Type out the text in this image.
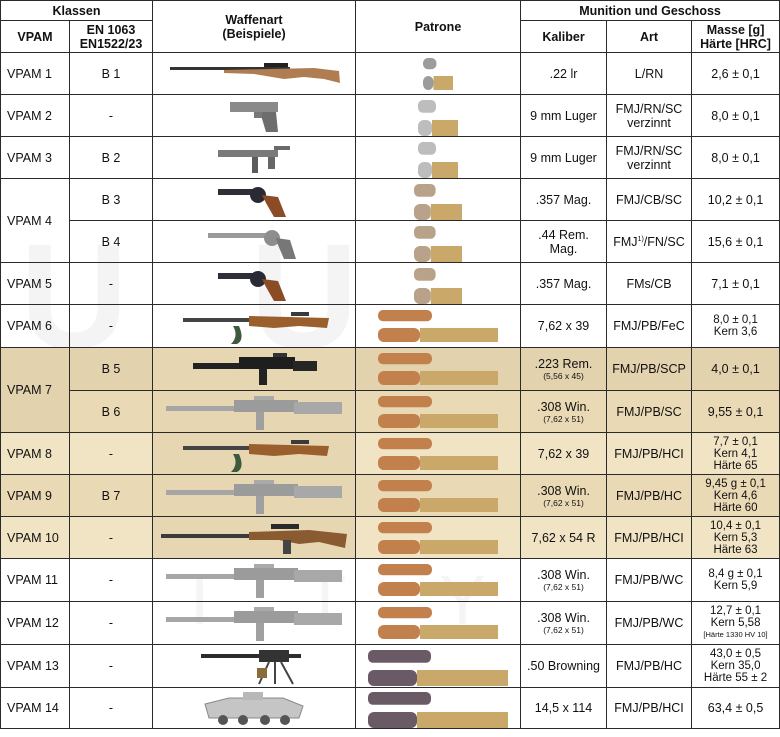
Klassen		Waffenart
(Beispiele)	Patrone	Munition und Geschoss		
VPAM	EN 1063
EN1522/23			Kaliber	Art	Masse [g]
Härte [HRC]

VPAM 1	B 1			.22 lr	L/RN	2,6 ± 0,1

VPAM 2	-			9 mm Luger	FMJ/RN/SC
verzinnt	8,0 ± 0,1

VPAM 3	B 2			9 mm Luger	FMJ/RN/SC
verzinnt	8,0 ± 0,1

VPAM 4	B 3			.357 Mag.	FMJ/CB/SC	10,2 ± 0,1

	B 4			.44 Rem.
Mag.	FMJ$^{1)}$/FN/SC	15,6 ± 0,1

VPAM 5	-			.357 Mag.	FMs/CB	7,1 ± 0,1

VPAM 6	-			7,62 x 39	FMJ/PB/FeC	8,0 ± 0,1
Kern 3,6

VPAM 7	B 5			.223 Rem.
(5,56 x 45)	FMJ/PB/SCP	4,0 ± 0,1

	B 6			.308 Win.
(7,62 x 51)	FMJ/PB/SC	9,55 ± 0,1

VPAM 8	-			7,62 x 39	FMJ/PB/HCI	7,7 ± 0,1
Kern 4,1
Härte 65

VPAM 9	B 7			.308 Win.
(7,62 x 51)	FMJ/PB/HC	9,45 g ± 0,1
Kern 4,6
Härte 60

VPAM 10	-			7,62 x 54 R	FMJ/PB/HCI	10,4 ± 0,1
Kern 5,3
Härte 63

VPAM 11	-			.308 Win.
(7,62 x 51)	FMJ/PB/WC	8,4 g ± 0,1
Kern 5,9

VPAM 12	-			.308 Win.
(7,62 x 51)	FMJ/PB/WC	12,7 ± 0,1
Kern 5,58
[Härte 1330 HV 10]

VPAM 13	-			.50 Browning	FMJ/PB/HC	43,0 ± 0,5
Kern 35,0
Härte 55 ± 2

VPAM 14	-			14,5 x 114	FMJ/PB/HCI	63,4 ± 0,5
